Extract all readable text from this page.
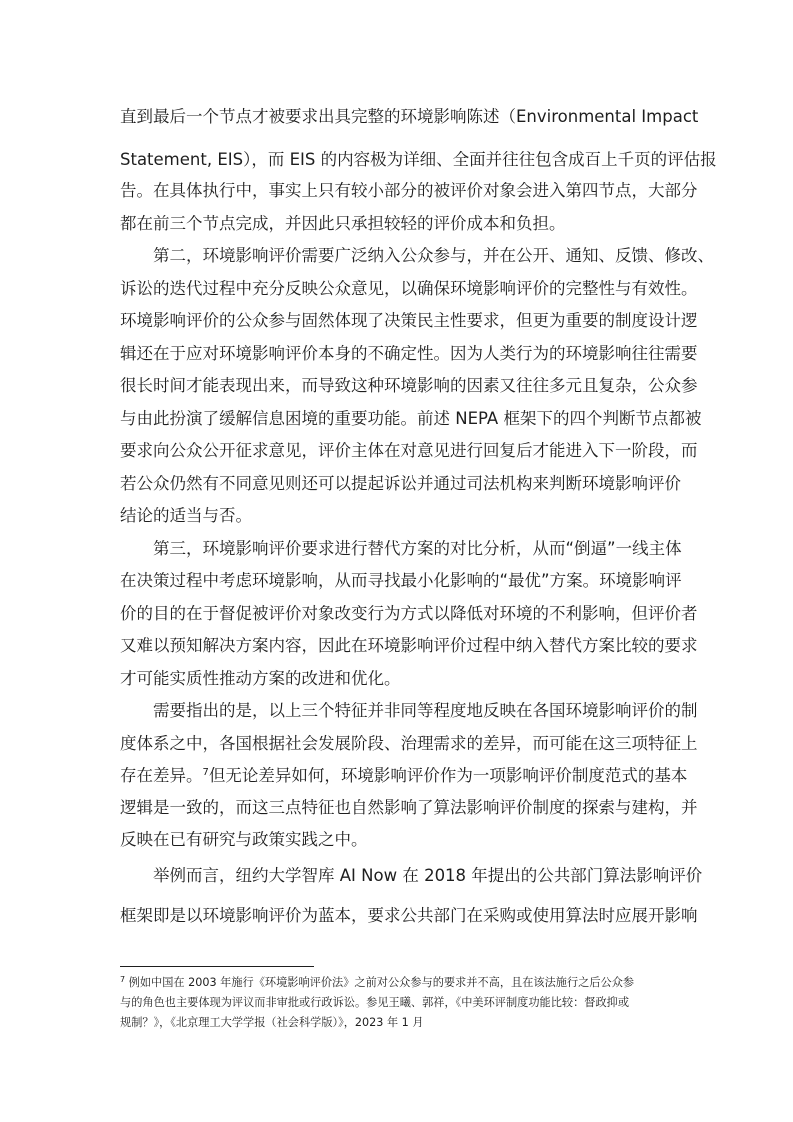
直到最后一个节点才被要求出具完整的环境影响陈述（Environmental Impact
Statement, EIS），而 EIS 的内容极为详细、全面并往往包含成百上千页的评估报
告。在具体执行中，事实上只有较小部分的被评价对象会进入第四节点，大部分
都在前三个节点完成，并因此只承担较轻的评价成本和负担。
第二，环境影响评价需要广泛纳入公众参与，并在公开、通知、反馈、修改、
诉讼的迭代过程中充分反映公众意见，以确保环境影响评价的完整性与有效性。
环境影响评价的公众参与固然体现了决策民主性要求，但更为重要的制度设计逻
辑还在于应对环境影响评价本身的不确定性。因为人类行为的环境影响往往需要
很长时间才能表现出来，而导致这种环境影响的因素又往往多元且复杂，公众参
与由此扮演了缓解信息困境的重要功能。前述 NEPA 框架下的四个判断节点都被
要求向公众公开征求意见，评价主体在对意见进行回复后才能进入下一阶段，而
若公众仍然有不同意见则还可以提起诉讼并通过司法机构来判断环境影响评价
结论的适当与否。
第三，环境影响评价要求进行替代方案的对比分析，从而“倒逼”一线主体
在决策过程中考虑环境影响，从而寻找最小化影响的“最优”方案。环境影响评
价的目的在于督促被评价对象改变行为方式以降低对环境的不利影响，但评价者
又难以预知解决方案内容，因此在环境影响评价过程中纳入替代方案比较的要求
才可能实质性推动方案的改进和优化。
需要指出的是，以上三个特征并非同等程度地反映在各国环境影响评价的制
度体系之中，各国根据社会发展阶段、治理需求的差异，而可能在这三项特征上
存在差异。$^7$但无论差异如何，环境影响评价作为一项影响评价制度范式的基本
逻辑是一致的，而这三点特征也自然影响了算法影响评价制度的探索与建构，并
反映在已有研究与政策实践之中。
举例而言，纽约大学智库 AI Now 在 2018 年提出的公共部门算法影响评价
框架即是以环境影响评价为蓝本，要求公共部门在采购或使用算法时应展开影响
$^7$ 例如中国在 2003 年施行《环境影响评价法》之前对公众参与的要求并不高，且在该法施行之后公众参
与的角色也主要体现为评议而非审批或行政诉讼。参见王曦、郭祥，《中美环评制度功能比较：督政抑或
规制？》，《北京理工大学学报（社会科学版）》，2023 年 1 月
